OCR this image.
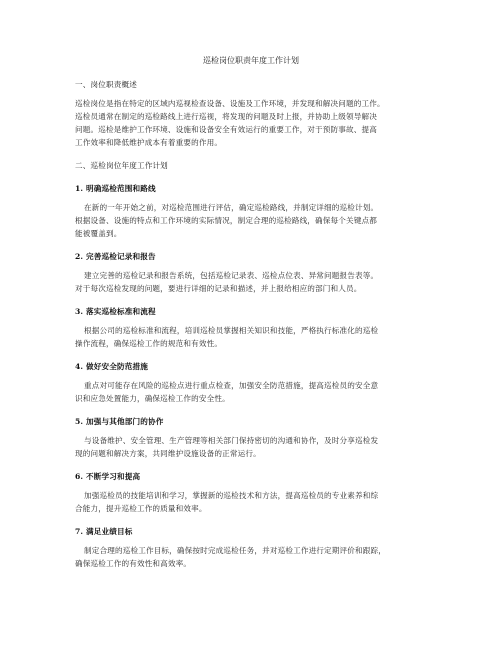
巡检岗位职责年度工作计划
一、岗位职责概述
巡检岗位是指在特定的区域内巡视检查设备、设施及工作环境，并发现和解决问题的工作。
巡检员通常在制定的巡检路线上进行巡视，将发现的问题及时上报，并协助上级领导解决
问题。巡检是维护工作环境、设施和设备安全有效运行的重要工作，对于预防事故、提高
工作效率和降低维护成本有着重要的作用。
二、巡检岗位年度工作计划
1. 明确巡检范围和路线
在新的一年开始之前，对巡检范围进行评估，确定巡检路线，并制定详细的巡检计划。
根据设备、设施的特点和工作环境的实际情况，制定合理的巡检路线，确保每个关键点都
能被覆盖到。
2. 完善巡检记录和报告
建立完善的巡检记录和报告系统，包括巡检记录表、巡检点位表、异常问题报告表等。
对于每次巡检发现的问题，要进行详细的记录和描述，并上报给相应的部门和人员。
3. 落实巡检标准和流程
根据公司的巡检标准和流程，培训巡检员掌握相关知识和技能，严格执行标准化的巡检
操作流程，确保巡检工作的规范和有效性。
4. 做好安全防范措施
重点对可能存在风险的巡检点进行重点检查，加强安全防范措施，提高巡检员的安全意
识和应急处置能力，确保巡检工作的安全性。
5. 加强与其他部门的协作
与设备维护、安全管理、生产管理等相关部门保持密切的沟通和协作，及时分享巡检发
现的问题和解决方案，共同维护设施设备的正常运行。
6. 不断学习和提高
加强巡检员的技能培训和学习，掌握新的巡检技术和方法，提高巡检员的专业素养和综
合能力，提升巡检工作的质量和效率。
7. 满足业绩目标
制定合理的巡检工作目标，确保按时完成巡检任务，并对巡检工作进行定期评价和跟踪，
确保巡检工作的有效性和高效率。
